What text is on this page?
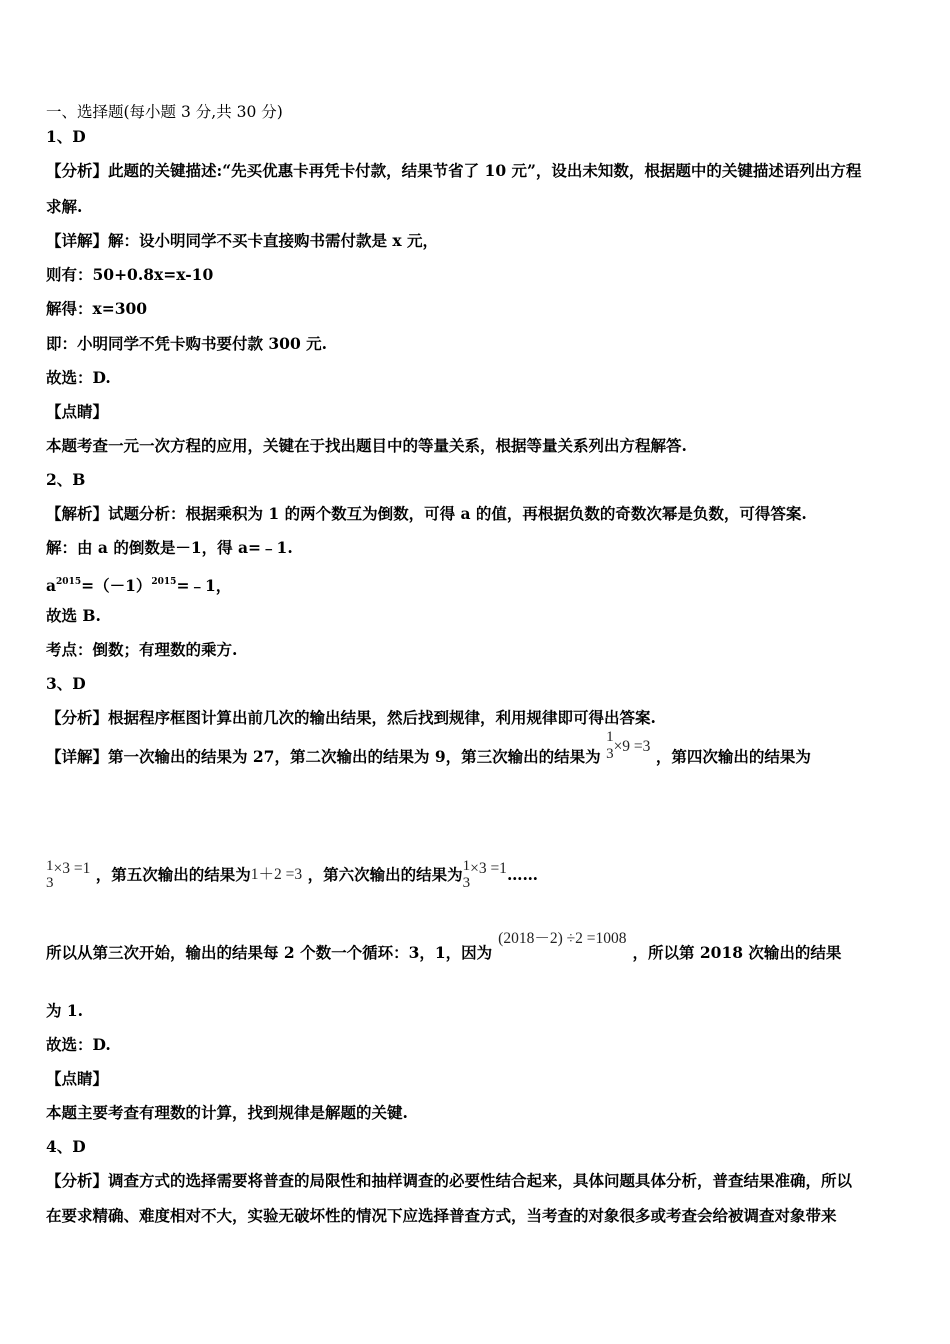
一、选择题(每小题 3 分,共 30 分)
1、D
【分析】此题的关键描述:“先买优惠卡再凭卡付款，结果节省了 10 元”，设出未知数，根据题中的关键描述语列出方程
求解.
【详解】解：设小明同学不买卡直接购书需付款是 x 元，
则有：50+0.8x=x-10
解得：x=300
即：小明同学不凭卡购书要付款 300 元.
故选：D.
【点睛】
本题考查一元一次方程的应用，关键在于找出题目中的等量关系，根据等量关系列出方程解答.
2、B
【解析】试题分析：根据乘积为 1 的两个数互为倒数，可得 a 的值，再根据负数的奇数次幂是负数，可得答案.
解：由 a 的倒数是－1，得 a=﹣1.
$a^{2015}=(-1)^{2015}=﹣1$，
故选 B.
考点：倒数；有理数的乘方.
3、D
【分析】根据程序框图计算出前几次的输出结果，然后找到规律，利用规律即可得出答案.
【详解】第一次输出的结果为 27，第二次输出的结果为 9，第三次输出的结果为
1
3 ×9 =3 ，第四次输出的结果为
1
3
×3 =1 ，第五次输出的结果为1＋2 =3 ，第六次输出的结果为 1
3
×3 =1……
所以从第三次开始，输出的结果每 2 个数一个循环：3，1，因为(2018－2) ÷2 =1008，所以第 2018 次输出的结果
为 1.
故选：D.
【点睛】
本题主要考查有理数的计算，找到规律是解题的关键.
4、D
【分析】调查方式的选择需要将普查的局限性和抽样调查的必要性结合起来，具体问题具体分析，普查结果准确，所以
在要求精确、难度相对不大，实验无破坏性的情况下应选择普查方式，当考查的对象很多或考查会给被调查对象带来
